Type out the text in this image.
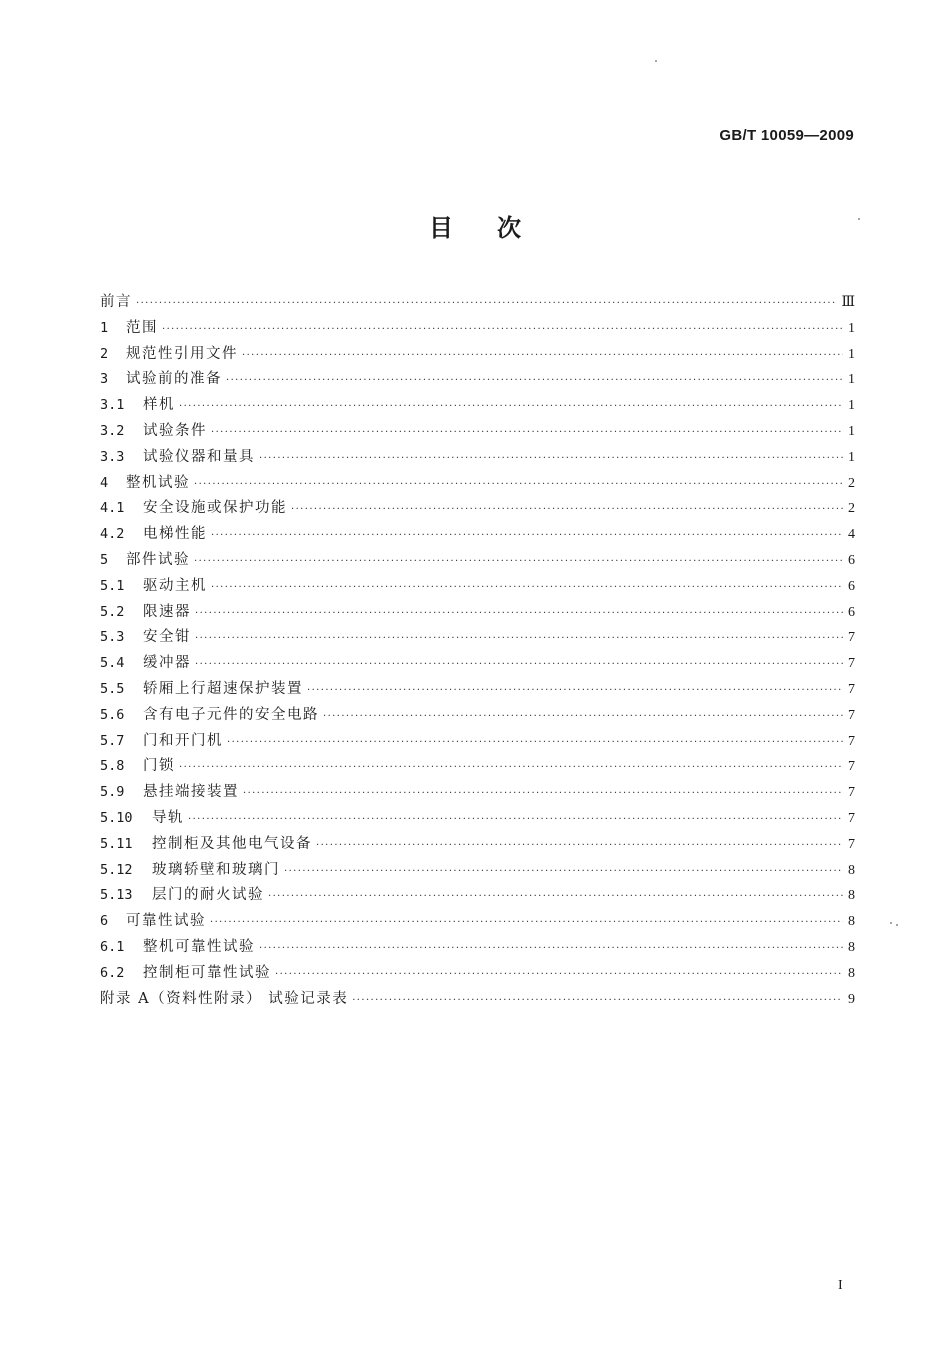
GB/T 10059—2009
目次
前言 ·····	Ⅲ
1	范围 ·····	1
2	规范性引用文件 ·····	1
3	试验前的准备 ·····	1
3.1	样机 ·····	1
3.2	试验条件 ·····	1
3.3	试验仪器和量具 ·····	1
4	整机试验 ·····	2
4.1	安全设施或保护功能 ·····	2
4.2	电梯性能 ·····	4
5	部件试验 ·····	6
5.1	驱动主机 ·····	6
5.2	限速器 ·····	6
5.3	安全钳 ·····	7
5.4	缓冲器 ·····	7
5.5	轿厢上行超速保护装置 ·····	7
5.6	含有电子元件的安全电路 ·····	7
5.7	门和开门机 ·····	7
5.8	门锁 ·····	7
5.9	悬挂端接装置 ·····	7
5.10	导轨 ·····	7
5.11	控制柜及其他电气设备 ·····	7
5.12	玻璃轿壁和玻璃门 ·····	8
5.13	层门的耐火试验 ·····	8
6	可靠性试验 ·····	8
6.1	整机可靠性试验 ·····	8
6.2	控制柜可靠性试验 ·····	8
附录 A（资料性附录） 试验记录表 ·····	9
I
